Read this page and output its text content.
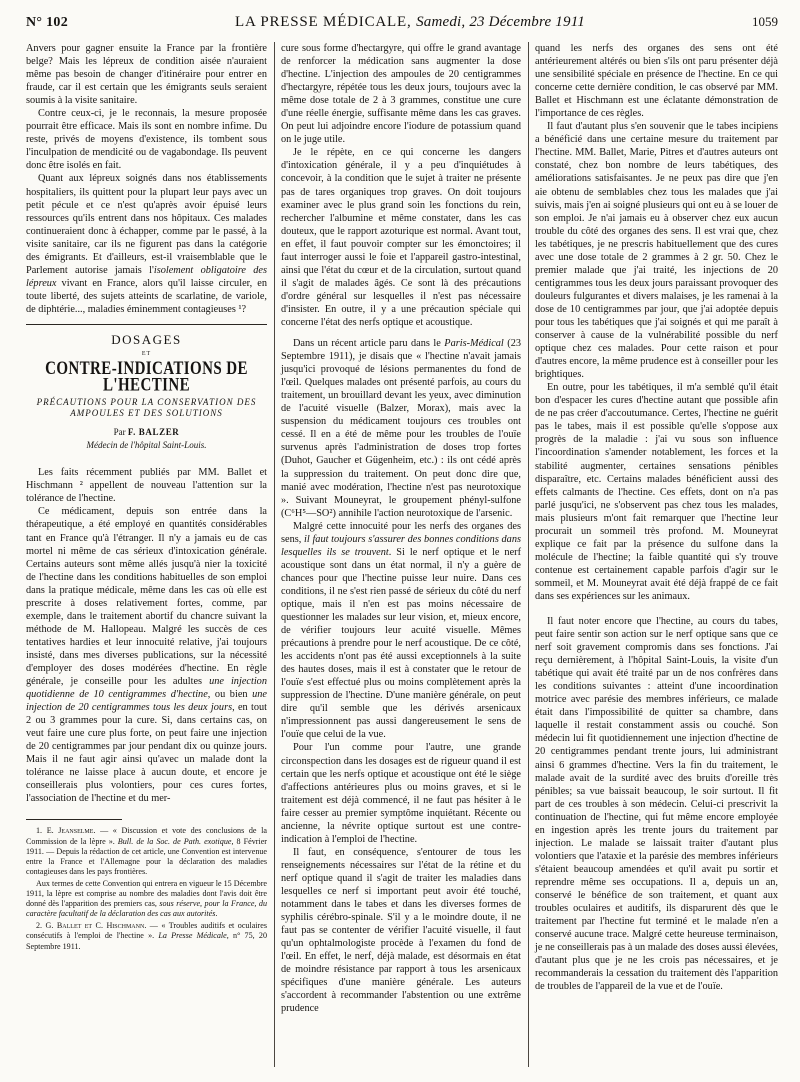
N° 102	LA PRESSE MÉDICALE, Samedi, 23 Décembre 1911	1059

Anvers pour gagner ensuite la France par la frontière belge? Mais les lépreux de condition aisée n'auraient même pas besoin de changer d'itinéraire pour entrer en fraude, car il est certain que les émigrants seuls seraient soumis à la visite sanitaire.

Contre ceux-ci, je le reconnais, la mesure proposée pourrait être efficace. Mais ils sont en nombre infime. Du reste, privés de moyens d'existence, ils tombent sous l'inculpation de mendicité ou de vagabondage. Ils peuvent donc être isolés en fait.

Quant aux lépreux soignés dans nos établissements hospitaliers, ils quittent pour la plupart leur pays avec un petit pécule et ce n'est qu'après avoir épuisé leurs ressources qu'ils entrent dans nos hôpitaux. Ces malades continueraient donc à échapper, comme par le passé, à la visite sanitaire, car ils ne figurent pas dans la catégorie des émigrants. Et d'ailleurs, est-il vraisemblable que le Parlement autorise jamais l'isolement obligatoire des lépreux vivant en France, alors qu'il laisse circuler, en toute liberté, des sujets atteints de scarlatine, de variole, de diphtérie..., maladies éminemment contagieuses ¹?

DOSAGES
ET
CONTRE-INDICATIONS DE L'HECTINE
PRÉCAUTIONS POUR LA CONSERVATION DES AMPOULES ET DES SOLUTIONS
Par F. BALZER
Médecin de l'hôpital Saint-Louis.

Les faits récemment publiés par MM. Ballet et Hischmann ² appellent de nouveau l'attention sur la tolérance de l'hectine.

Ce médicament, depuis son entrée dans la thérapeutique, a été employé en quantités considérables tant en France qu'à l'étranger. Il n'y a jamais eu de cas mortel ni même de cas sérieux d'intoxication générale. Certains auteurs sont même allés jusqu'à nier la toxicité de l'hectine dans les conditions habituelles de son emploi dans la pratique médicale, même dans les cas où elle est prescrite à doses relativement fortes, comme, par exemple, dans le traitement abortif du chancre suivant la méthode de M. Hallopeau. Malgré les succès de ces tentatives hardies et leur innocuité relative, j'ai toujours insisté, dans mes diverses publications, sur la nécessité d'employer des doses modérées d'hectine. En règle générale, je conseille pour les adultes une injection quotidienne de 10 centigrammes d'hectine, ou bien une injection de 20 centigrammes tous les deux jours, en tout 2 ou 3 grammes pour la cure. Si, dans certains cas, on veut faire une cure plus forte, on peut faire une injection de 20 centigrammes par jour pendant dix ou quinze jours. Mais il ne faut agir ainsi qu'avec un malade dont la tolérance ne laisse place à aucun doute, et encore je conseillerais plus volontiers, pour ces cures fortes, l'association de l'hectine et du mer-

1. E. Jeanselme. — « Discussion et vote des conclusions de la Commission de la lèpre ». Bull. de la Soc. de Path. exotique, 8 Février 1911. — Depuis la rédaction de cet article, une Convention est intervenue entre la France et l'Allemagne pour la déclaration des maladies contagieuses dans les pays frontières.

Aux termes de cette Convention qui entrera en vigueur le 15 Décembre 1911, la lèpre est comprise au nombre des maladies dont l'avis doit être donné dès l'apparition des premiers cas, sous réserve, pour la France, du caractère facultatif de la déclaration des cas aux autorités.

2. G. Ballet et C. Hischmann. — « Troubles auditifs et oculaires consécutifs à l'emploi de l'hectine ». La Presse Médicale, n° 75, 20 Septembre 1911.

cure sous forme d'hectargyre, qui offre le grand avantage de renforcer la médication sans augmenter la dose d'hectine. L'injection des ampoules de 20 centigrammes d'hectargyre, répétée tous les deux jours, toujours avec la même dose totale de 2 à 3 grammes, constitue une cure d'une réelle énergie, suffisante même dans les cas graves. On peut lui adjoindre encore l'iodure de potassium quand on le juge utile.

Je le répète, en ce qui concerne les dangers d'intoxication générale, il y a peu d'inquiétudes à concevoir, à la condition que le sujet à traiter ne présente pas de tares organiques trop graves. On doit toujours examiner avec le plus grand soin les fonctions du rein, rechercher l'albumine et même constater, dans les cas douteux, que le rapport azoturique est normal. Avant tout, en effet, il faut pouvoir compter sur les émonctoires; il faut interroger aussi le foie et l'appareil gastro-intestinal, ainsi que l'état du cœur et de la circulation, surtout quand il s'agit de malades âgés. Ce sont là des précautions d'ordre général sur lesquelles il n'est pas nécessaire d'insister. En outre, il y a une précaution spéciale qui concerne l'état des nerfs optique et acoustique.

Dans un récent article paru dans le Paris-Médical (23 Septembre 1911), je disais que « l'hectine n'avait jamais jusqu'ici provoqué de lésions permanentes du fond de l'œil. Quelques malades ont présenté parfois, au cours du traitement, un brouillard devant les yeux, avec diminution de l'acuité visuelle (Balzer, Morax), mais avec la suspension du médicament toujours ces troubles ont cessé. Il en a été de même pour les troubles de l'ouïe survenus après l'administration de doses trop fortes (Duhot, Gaucher et Gügenheim, etc.) : ils ont cédé après la suppression du traitement. On peut donc dire que, manié avec modération, l'hectine n'est pas neurotoxique ». Suivant Mouneyrat, le groupement phényl-sulfone (C⁶H⁵—SO²) annihile l'action neurotoxique de l'arsenic.

Malgré cette innocuité pour les nerfs des organes des sens, il faut toujours s'assurer des bonnes conditions dans lesquelles ils se trouvent. Si le nerf optique et le nerf acoustique sont dans un état normal, il n'y a guère de chances pour que l'hectine puisse leur nuire. Dans ces conditions, il ne s'est rien passé de sérieux du côté du nerf optique, mais il n'en est pas moins nécessaire de questionner les malades sur leur vision, et, mieux encore, de vérifier toujours leur acuité visuelle. Mêmes précautions à prendre pour le nerf acoustique. De ce côté, les accidents n'ont pas été aussi exceptionnels à la suite des hautes doses, mais il est à constater que le retour de l'ouïe s'est effectué plus ou moins complètement après la suppression de l'hectine. D'une manière générale, on peut dire qu'il semble que les dérivés arsenicaux n'impressionnent pas aussi dangereusement le sens de l'ouïe que celui de la vue.

Pour l'un comme pour l'autre, une grande circonspection dans les dosages est de rigueur quand il est certain que les nerfs optique et acoustique ont été le siège d'affections antérieures plus ou moins graves, et si le traitement est déjà commencé, il ne faut pas hésiter à le faire cesser au premier symptôme inquiétant. Récente ou ancienne, la névrite optique surtout est une contre-indication à l'emploi de l'hectine.

Il faut, en conséquence, s'entourer de tous les renseignements nécessaires sur l'état de la rétine et du nerf optique quand il s'agit de traiter les maladies dans lesquelles ce nerf si important peut avoir été touché, notamment dans le tabes et dans les diverses formes de syphilis cérébro-spinale. S'il y a le moindre doute, il ne faut pas se contenter de vérifier l'acuité visuelle, il faut qu'un ophtalmologiste procède à l'examen du fond de l'œil. En effet, le nerf, déjà malade, est désormais en état de moindre résistance par rapport à tous les arsenicaux spécifiques d'une manière générale. Les auteurs s'accordent à recommander l'abstention ou une extrême prudence

quand les nerfs des organes des sens ont été antérieurement altérés ou bien s'ils ont paru présenter déjà une sensibilité spéciale en présence de l'hectine. En ce qui concerne cette dernière condition, le cas observé par MM. Ballet et Hischmann est une éclatante démonstration de l'importance de ces règles.

Il faut d'autant plus s'en souvenir que le tabes incipiens a bénéficié dans une certaine mesure du traitement par l'hectine. MM. Ballet, Marie, Pitres et d'autres auteurs ont constaté, chez bon nombre de leurs tabétiques, des améliorations satisfaisantes. Je ne peux pas dire que j'en aie obtenu de semblables chez tous les malades que j'ai suivis, mais j'en ai soigné plusieurs qui ont eu à se louer de son emploi. Je n'ai jamais eu à observer chez eux aucun trouble du côté des organes des sens. Il est vrai que, chez les tabétiques, je ne prescris habituellement que des cures avec une dose totale de 2 grammes à 2 gr. 50. Chez le premier malade que j'ai traité, les injections de 20 centigrammes tous les deux jours paraissant provoquer des douleurs fulgurantes et divers malaises, je les ramenai à la dose de 10 centigrammes par jour, que j'ai adoptée depuis pour tous les tabétiques que j'ai soignés et qui me paraît à conserver à cause de la vulnérabilité possible du nerf optique chez ces malades. Pour cette raison et pour d'autres encore, la même prudence est à conseiller pour les brightiques.

En outre, pour les tabétiques, il m'a semblé qu'il était bon d'espacer les cures d'hectine autant que possible afin de ne pas créer d'accoutumance. Certes, l'hectine ne guérit pas le tabes, mais il est possible qu'elle s'oppose aux progrès de la maladie : j'ai vu sous son influence l'incoordination s'amender notablement, les forces et la stabilité augmenter, certaines sensations pénibles disparaître, etc. Certains malades bénéficient aussi des effets calmants de l'hectine. Ces effets, dont on n'a pas parlé jusqu'ici, ne s'observent pas chez tous les malades, mais plusieurs m'ont fait remarquer que l'hectine leur procurait un sommeil très profond. M. Mouneyrat explique ce fait par la présence du sulfone dans la molécule de l'hectine; la faible quantité qui s'y trouve contenue est certainement capable parfois d'agir sur le sommeil, et M. Mouneyrat avait été déjà frappé de ce fait dans ses expériences sur les animaux.

Il faut noter encore que l'hectine, au cours du tabes, peut faire sentir son action sur le nerf optique sans que ce nerf soit gravement compromis dans ses fonctions. J'ai reçu dernièrement, à l'hôpital Saint-Louis, la visite d'un tabétique qui avait été traité par un de nos confrères dans les conditions suivantes : atteint d'une incoordination motrice avec parésie des membres inférieurs, ce malade était dans l'impossibilité de quitter sa chambre, dans laquelle il restait constamment assis ou couché. Son médecin lui fit quotidiennement une injection d'hectine de 20 centigrammes pendant trente jours, lui administrant ainsi 6 grammes d'hectine. Vers la fin du traitement, le malade avait de la surdité avec des bruits d'oreille très pénibles; sa vue baissait beaucoup, le soir surtout. Il fit part de ces troubles à son médecin. Celui-ci prescrivit la continuation de l'hectine, qui fut même encore employée en ingestion après les trente jours du traitement par injection. Le malade se laissait traiter d'autant plus volontiers que l'ataxie et la parésie des membres inférieurs s'étaient beaucoup amendées et qu'il avait pu sortir et reprendre même ses occupations. Il a, depuis un an, conservé le bénéfice de son traitement, et quant aux troubles oculaires et auditifs, ils disparurent dès que le traitement par l'hectine fut terminé et le malade n'en a conservé aucune trace. Malgré cette heureuse terminaison, je ne conseillerais pas à un malade des doses aussi élevées, d'autant plus que je ne les crois pas nécessaires, et je recommanderais la cessation du traitement dès l'apparition de troubles de l'appareil de la vue et de l'ouïe.
